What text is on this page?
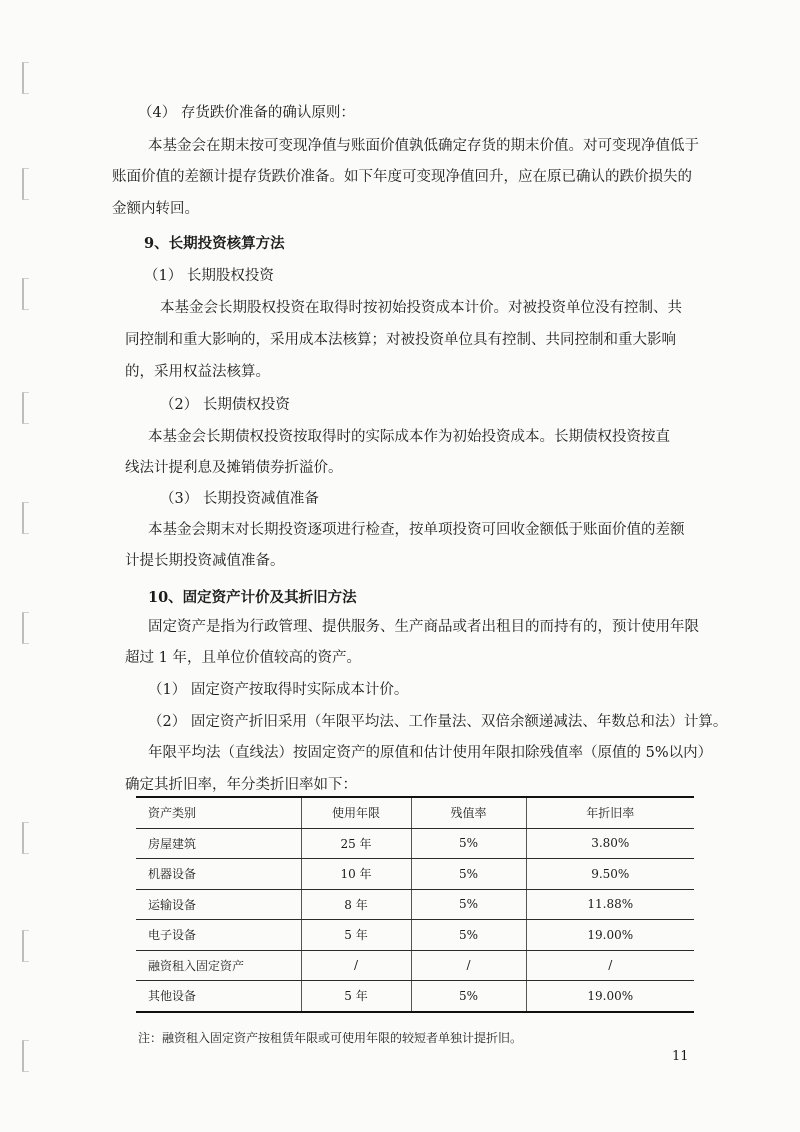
（4） 存货跌价准备的确认原则：
本基金会在期末按可变现净值与账面价值孰低确定存货的期末价值。对可变现净值低于
账面价值的差额计提存货跌价准备。如下年度可变现净值回升，应在原已确认的跌价损失的
金额内转回。
9、长期投资核算方法
（1） 长期股权投资
本基金会长期股权投资在取得时按初始投资成本计价。对被投资单位没有控制、共
同控制和重大影响的，采用成本法核算；对被投资单位具有控制、共同控制和重大影响
的，采用权益法核算。
（2） 长期债权投资
本基金会长期债权投资按取得时的实际成本作为初始投资成本。长期债权投资按直
线法计提利息及摊销债券折溢价。
（3） 长期投资减值准备
本基金会期末对长期投资逐项进行检查，按单项投资可回收金额低于账面价值的差额
计提长期投资减值准备。
10、固定资产计价及其折旧方法
固定资产是指为行政管理、提供服务、生产商品或者出租目的而持有的，预计使用年限
超过 1 年，且单位价值较高的资产。
（1） 固定资产按取得时实际成本计价。
（2） 固定资产折旧采用（年限平均法、工作量法、双倍余额递减法、年数总和法）计算。
年限平均法（直线法）按固定资产的原值和估计使用年限扣除残值率（原值的 5%以内）
确定其折旧率，年分类折旧率如下：
资产类别	使用年限	残值率	年折旧率
房屋建筑	25 年	5%	3.80%
机器设备	10 年	5%	9.50%
运输设备	8 年	5%	11.88%
电子设备	5 年	5%	19.00%
融资租入固定资产	/	/	/
其他设备	5 年	5%	19.00%
注：融资租入固定资产按租赁年限或可使用年限的较短者单独计提折旧。
11
